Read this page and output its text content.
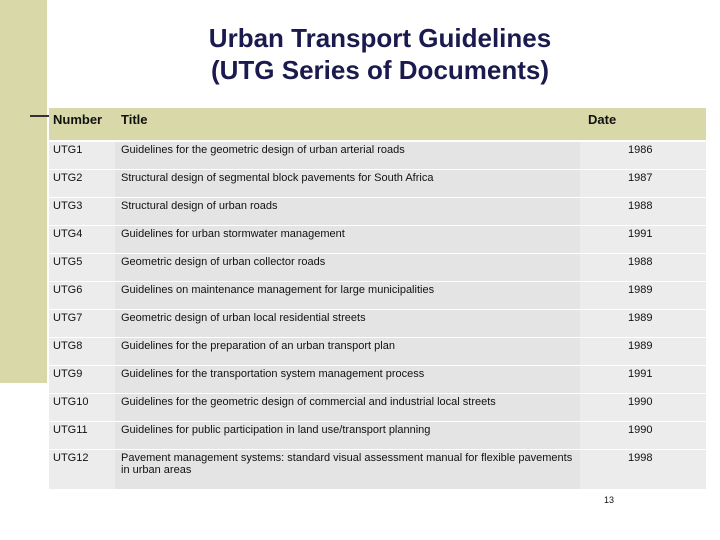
Urban Transport Guidelines
(UTG Series of Documents)
Number	Title	Date
UTG1	Guidelines for the geometric design of urban arterial roads	1986
UTG2	Structural design of segmental block pavements for South Africa	1987
UTG3	Structural design of urban roads	1988
UTG4	Guidelines for urban stormwater management	1991
UTG5	Geometric design of urban collector roads	1988
UTG6	Guidelines on maintenance management for large municipalities	1989
UTG7	Geometric design of urban local residential streets	1989
UTG8	Guidelines for the preparation of an urban transport plan	1989
UTG9	Guidelines for the transportation system management process	1991
UTG10	Guidelines for the geometric design of commercial and industrial local streets	1990
UTG11	Guidelines for public participation in land use/transport planning	1990
UTG12	Pavement management systems: standard visual assessment manual for flexible pavements in urban areas	1998
13
